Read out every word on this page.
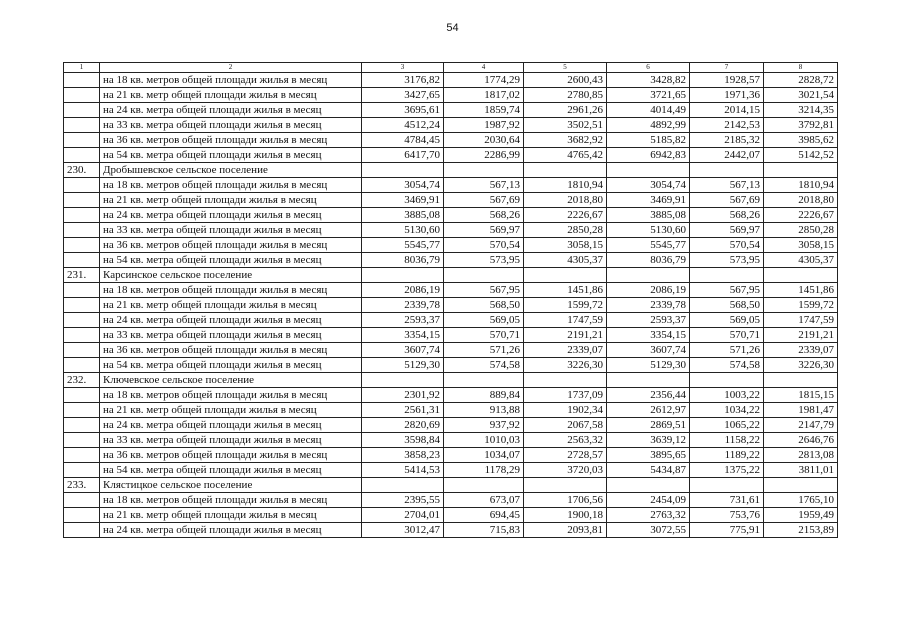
54
1	2	3	4	5	6	7	8
	на 18 кв. метров общей площади жилья в месяц	3176,82	1774,29	2600,43	3428,82	1928,57	2828,72
	на 21 кв. метр общей площади жилья в месяц	3427,65	1817,02	2780,85	3721,65	1971,36	3021,54
	на 24 кв. метра общей площади жилья в месяц	3695,61	1859,74	2961,26	4014,49	2014,15	3214,35
	на 33 кв. метра общей площади жилья в месяц	4512,24	1987,92	3502,51	4892,99	2142,53	3792,81
	на 36 кв. метров общей площади жилья в месяц	4784,45	2030,64	3682,92	5185,82	2185,32	3985,62
	на 54 кв. метра общей площади жилья в месяц	6417,70	2286,99	4765,42	6942,83	2442,07	5142,52
230.	Дробышевское сельское поселение						
	на 18 кв. метров общей площади жилья в месяц	3054,74	567,13	1810,94	3054,74	567,13	1810,94
	на 21 кв. метр общей площади жилья в месяц	3469,91	567,69	2018,80	3469,91	567,69	2018,80
	на 24 кв. метра общей площади жилья в месяц	3885,08	568,26	2226,67	3885,08	568,26	2226,67
	на 33 кв. метра общей площади жилья в месяц	5130,60	569,97	2850,28	5130,60	569,97	2850,28
	на 36 кв. метров общей площади жилья в месяц	5545,77	570,54	3058,15	5545,77	570,54	3058,15
	на 54 кв. метра общей площади жилья в месяц	8036,79	573,95	4305,37	8036,79	573,95	4305,37
231.	Карсинское сельское поселение						
	на 18 кв. метров общей площади жилья в месяц	2086,19	567,95	1451,86	2086,19	567,95	1451,86
	на 21 кв. метр общей площади жилья в месяц	2339,78	568,50	1599,72	2339,78	568,50	1599,72
	на 24 кв. метра общей площади жилья в месяц	2593,37	569,05	1747,59	2593,37	569,05	1747,59
	на 33 кв. метра общей площади жилья в месяц	3354,15	570,71	2191,21	3354,15	570,71	2191,21
	на 36 кв. метров общей площади жилья в месяц	3607,74	571,26	2339,07	3607,74	571,26	2339,07
	на 54 кв. метра общей площади жилья в месяц	5129,30	574,58	3226,30	5129,30	574,58	3226,30
232.	Ключевское сельское поселение						
	на 18 кв. метров общей площади жилья в месяц	2301,92	889,84	1737,09	2356,44	1003,22	1815,15
	на 21 кв. метр общей площади жилья в месяц	2561,31	913,88	1902,34	2612,97	1034,22	1981,47
	на 24 кв. метра общей площади жилья в месяц	2820,69	937,92	2067,58	2869,51	1065,22	2147,79
	на 33 кв. метра общей площади жилья в месяц	3598,84	1010,03	2563,32	3639,12	1158,22	2646,76
	на 36 кв. метров общей площади жилья в месяц	3858,23	1034,07	2728,57	3895,65	1189,22	2813,08
	на 54 кв. метра общей площади жилья в месяц	5414,53	1178,29	3720,03	5434,87	1375,22	3811,01
233.	Клястицкое сельское поселение						
	на 18 кв. метров общей площади жилья в месяц	2395,55	673,07	1706,56	2454,09	731,61	1765,10
	на 21 кв. метр общей площади жилья в месяц	2704,01	694,45	1900,18	2763,32	753,76	1959,49
	на 24 кв. метра общей площади жилья в месяц	3012,47	715,83	2093,81	3072,55	775,91	2153,89
